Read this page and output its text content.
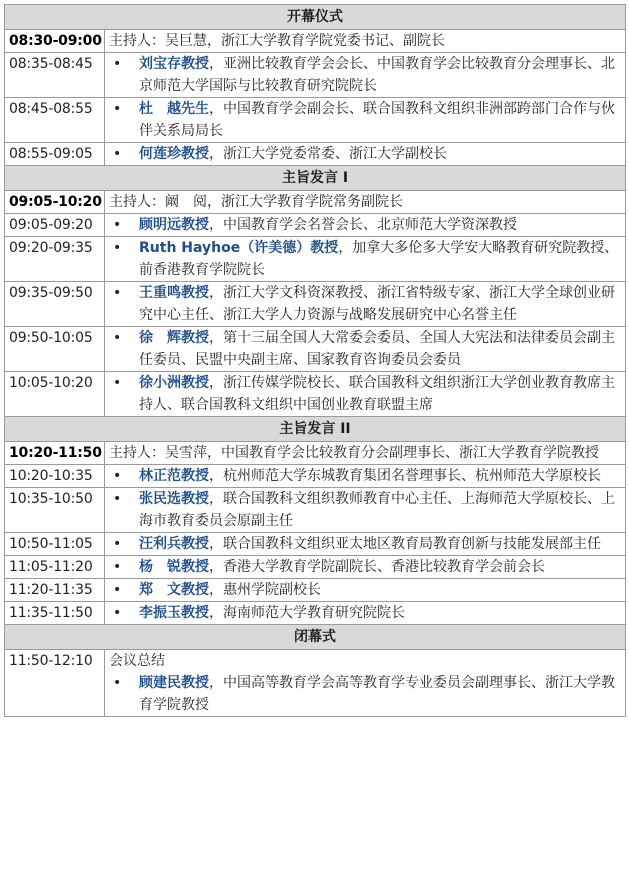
开幕仪式	
08:30-09:00	主持人：吴巨慧，浙江大学教育学院党委书记、副院长

08:35-08:45	• 刘宝存教授，亚洲比较教育学会会长、中国教育学会比较教育分会理事长、北京师范大学国际与比较教育研究院院长

08:45-08:55	• 杜　越先生，中国教育学会副会长、联合国教科文组织非洲部跨部门合作与伙伴关系局局长

08:55-09:05	• 何莲珍教授，浙江大学党委常委、浙江大学副校长

主旨发言 I	
09:05-10:20	主持人：阚　阅，浙江大学教育学院常务副院长

09:05-09:20	• 顾明远教授，中国教育学会名誉会长、北京师范大学资深教授

09:20-09:35	• Ruth Hayhoe（许美德）教授，加拿大多伦多大学安大略教育研究院教授、前香港教育学院院长

09:35-09:50	• 王重鸣教授，浙江大学文科资深教授、浙江省特级专家、浙江大学全球创业研究中心主任、浙江大学人力资源与战略发展研究中心名誉主任

09:50-10:05	• 徐　辉教授，第十三届全国人大常委会委员、全国人大宪法和法律委员会副主任委员、民盟中央副主席、国家教育咨询委员会委员

10:05-10:20	• 徐小洲教授，浙江传媒学院校长、联合国教科文组织浙江大学创业教育教席主持人、联合国教科文组织中国创业教育联盟主席

主旨发言 II	
10:20-11:50	主持人：吴雪萍，中国教育学会比较教育分会副理事长、浙江大学教育学院教授

10:20-10:35	• 林正范教授，杭州师范大学东城教育集团名誉理事长、杭州师范大学原校长

10:35-10:50	• 张民选教授，联合国教科文组织教师教育中心主任、上海师范大学原校长、上海市教育委员会原副主任

10:50-11:05	• 汪利兵教授，联合国教科文组织亚太地区教育局教育创新与技能发展部主任

11:05-11:20	• 杨　锐教授，香港大学教育学院副院长、香港比较教育学会前会长

11:20-11:35	• 郑　文教授，惠州学院副校长

11:35-11:50	• 李振玉教授，海南师范大学教育研究院院长

闭幕式	
11:50-12:10	会议总结
• 顾建民教授，中国高等教育学会高等教育学专业委员会副理事长、浙江大学教育学院教授
